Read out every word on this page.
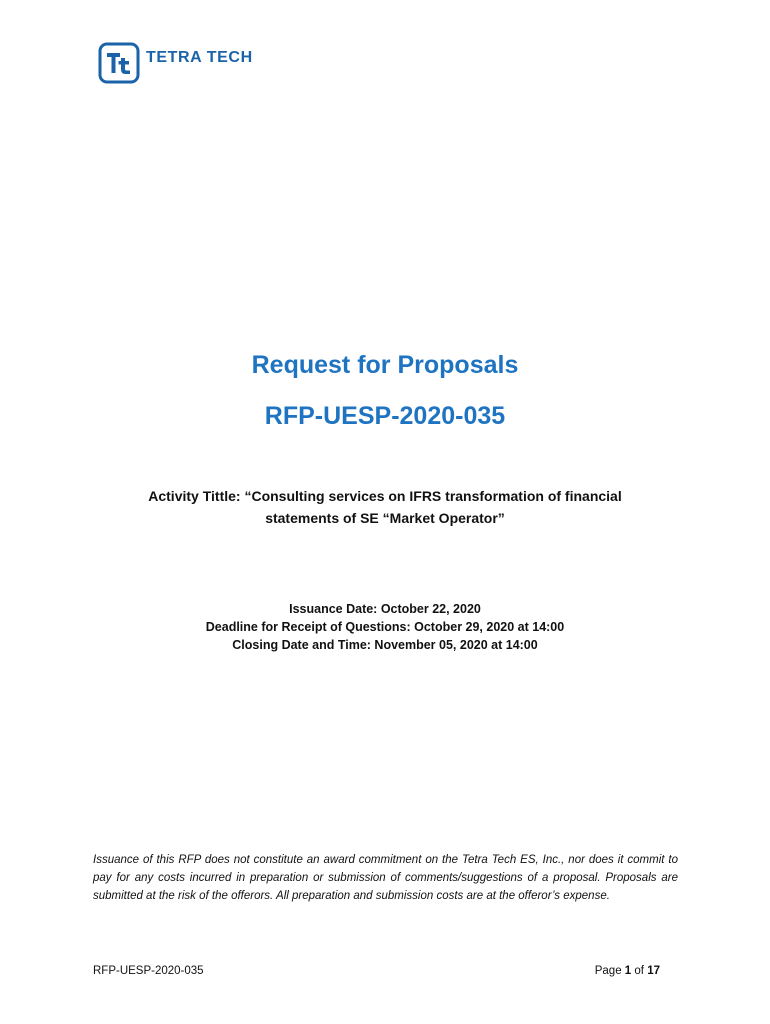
TETRA TECH
Request for Proposals
RFP-UESP-2020-035

Activity Tittle: “Consulting services on IFRS transformation of financial
statements of SE “Market Operator”

Issuance Date: October 22, 2020
Deadline for Receipt of Questions: October 29, 2020 at 14:00
Closing Date and Time: November 05, 2020 at 14:00

Issuance of this RFP does not constitute an award commitment on the Tetra Tech ES, Inc., nor does it commit to pay for any costs incurred in preparation or submission of comments/suggestions of a proposal. Proposals are submitted at the risk of the offerors. All preparation and submission costs are at the offeror’s expense.

RFP-UESP-2020-035	Page 1 of 17
